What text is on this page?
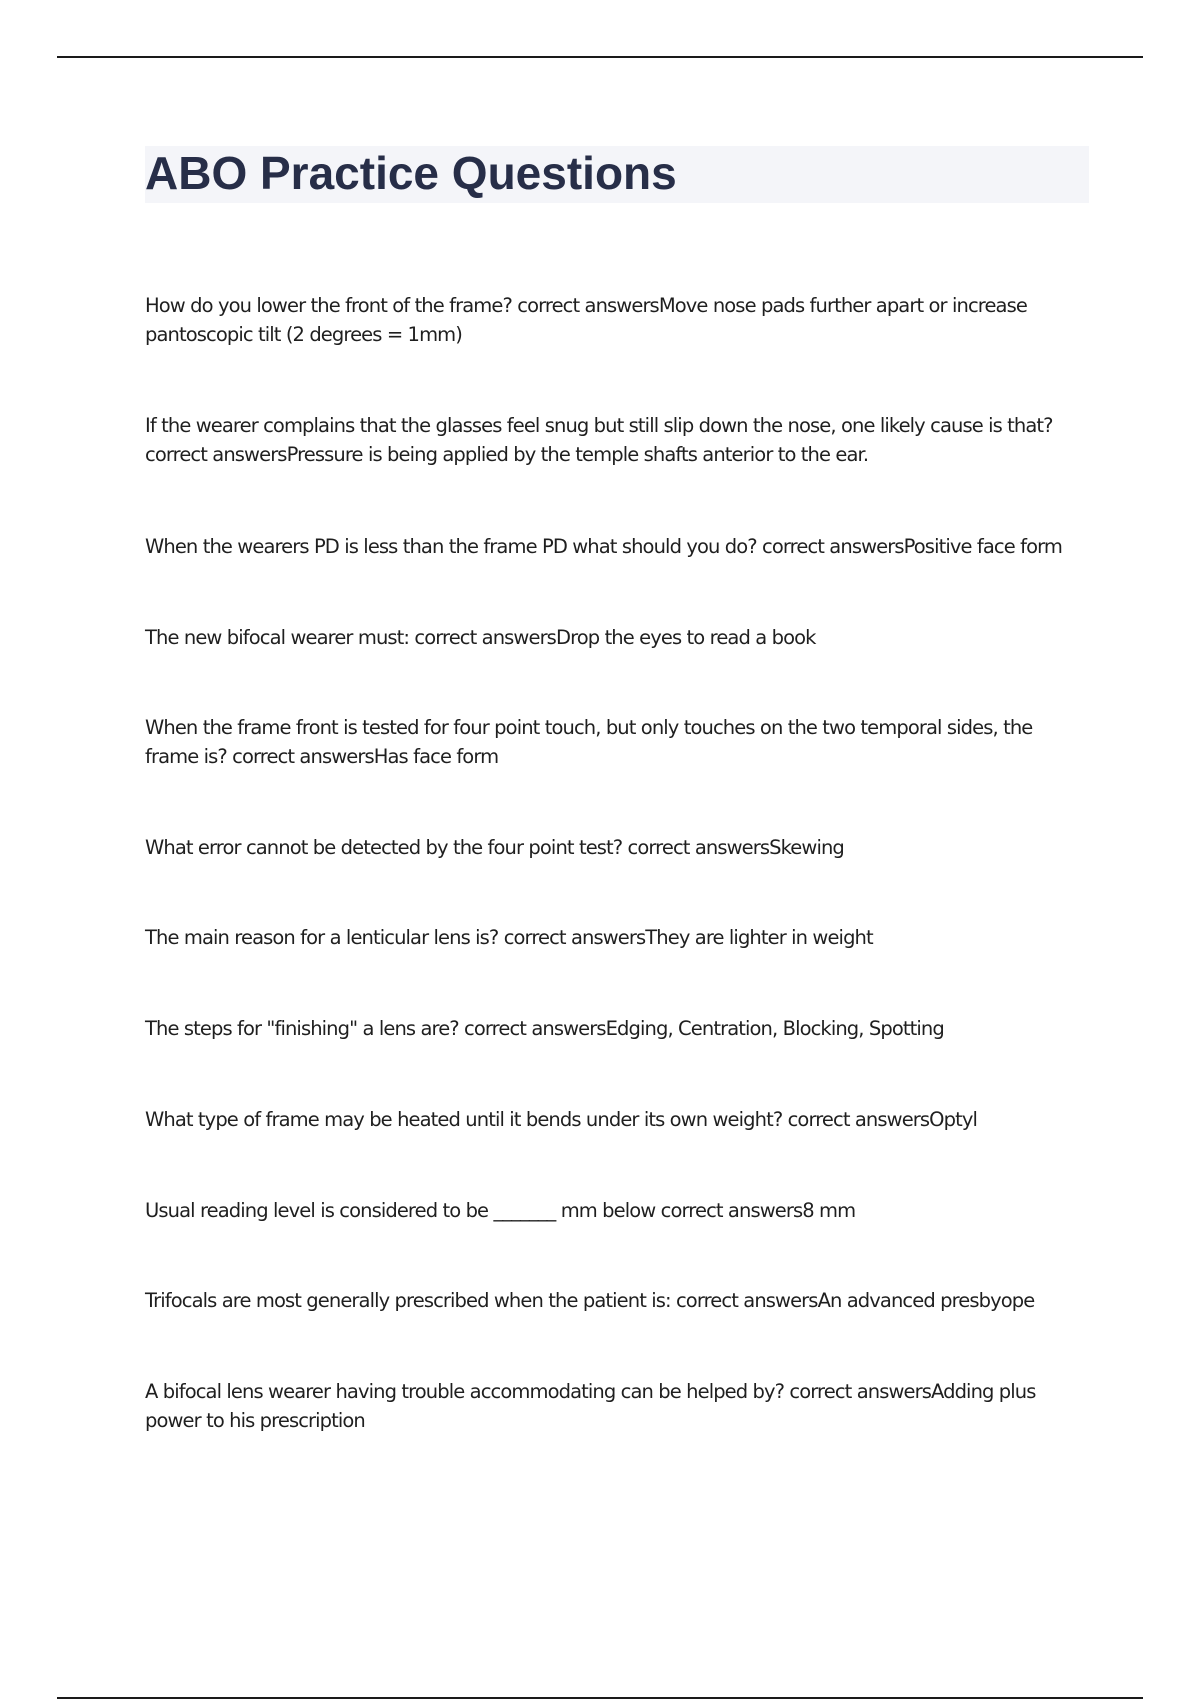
ABO Practice Questions

How do you lower the front of the frame? correct answersMove nose pads further apart or increase pantoscopic tilt (2 degrees = 1mm)

If the wearer complains that the glasses feel snug but still slip down the nose, one likely cause is that? correct answersPressure is being applied by the temple shafts anterior to the ear.

When the wearers PD is less than the frame PD what should you do? correct answersPositive face form

The new bifocal wearer must: correct answersDrop the eyes to read a book

When the frame front is tested for four point touch, but only touches on the two temporal sides, the frame is? correct answersHas face form

What error cannot be detected by the four point test? correct answersSkewing

The main reason for a lenticular lens is? correct answersThey are lighter in weight

The steps for "finishing" a lens are? correct answersEdging, Centration, Blocking, Spotting

What type of frame may be heated until it bends under its own weight? correct answersOptyl

Usual reading level is considered to be _______ mm below correct answers8 mm

Trifocals are most generally prescribed when the patient is: correct answersAn advanced presbyope

A bifocal lens wearer having trouble accommodating can be helped by? correct answersAdding plus power to his prescription
